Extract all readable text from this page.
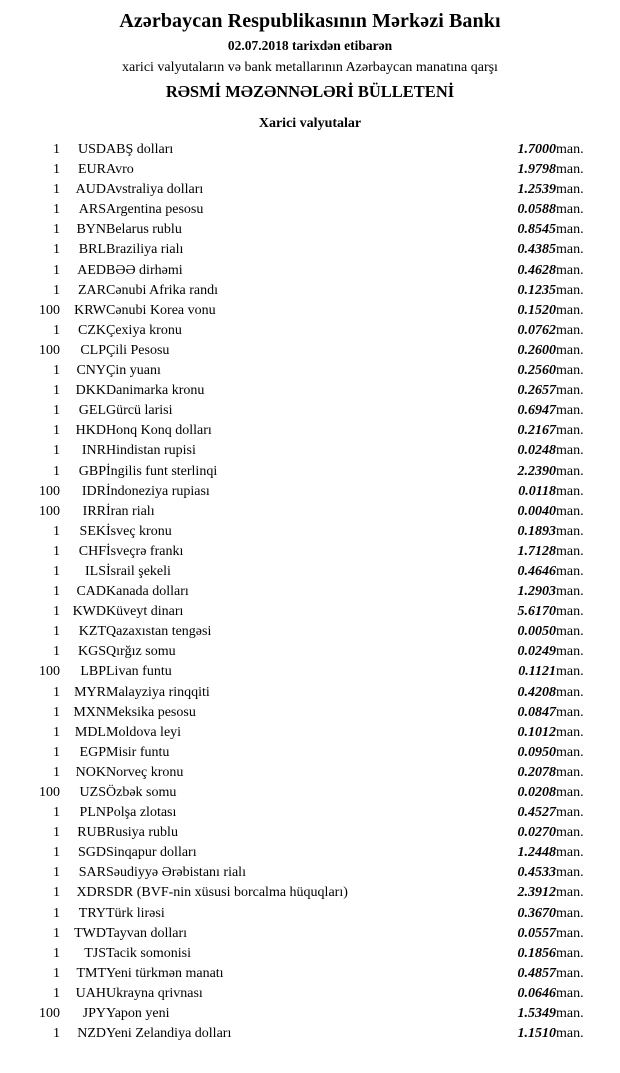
Azərbaycan Respublikasının Mərkəzi Bankı
02.07.2018 tarixdən etibarən
xarici valyutaların və bank metallarının Azərbaycan manatına qarşı
RƏSMİ MƏZƏNNƏLƏRİ BÜLLETENİ
Xarici valyutalar
1	USD	ABŞ dolları	1.7000	man.
1	EUR	Avro	1.9798	man.
1	AUD	Avstraliya dolları	1.2539	man.
1	ARS	Argentina pesosu	0.0588	man.
1	BYN	Belarus rublu	0.8545	man.
1	BRL	Braziliya rialı	0.4385	man.
1	AED	BƏƏ dirhəmi	0.4628	man.
1	ZAR	Cənubi Afrika randı	0.1235	man.
100	KRW	Cənubi Korea vonu	0.1520	man.
1	CZK	Çexiya kronu	0.0762	man.
100	CLP	Çili Pesosu	0.2600	man.
1	CNY	Çin yuanı	0.2560	man.
1	DKK	Danimarka kronu	0.2657	man.
1	GEL	Gürcü larisi	0.6947	man.
1	HKD	Honq Konq dolları	0.2167	man.
1	INR	Hindistan rupisi	0.0248	man.
1	GBP	İngilis funt sterlinqi	2.2390	man.
100	IDR	İndoneziya rupiası	0.0118	man.
100	IRR	İran rialı	0.0040	man.
1	SEK	İsveç kronu	0.1893	man.
1	CHF	İsveçrə frankı	1.7128	man.
1	ILS	İsrail şekeli	0.4646	man.
1	CAD	Kanada dolları	1.2903	man.
1	KWD	Küveyt dinarı	5.6170	man.
1	KZT	Qazaxıstan tengəsi	0.0050	man.
1	KGS	Qırğız somu	0.0249	man.
100	LBP	Livan funtu	0.1121	man.
1	MYR	Malayziya rinqqiti	0.4208	man.
1	MXN	Meksika pesosu	0.0847	man.
1	MDL	Moldova leyi	0.1012	man.
1	EGP	Misir funtu	0.0950	man.
1	NOK	Norveç kronu	0.2078	man.
100	UZS	Özbək somu	0.0208	man.
1	PLN	Polşa zlotası	0.4527	man.
1	RUB	Rusiya rublu	0.0270	man.
1	SGD	Sinqapur dolları	1.2448	man.
1	SAR	Səudiyyə Ərəbistanı rialı	0.4533	man.
1	XDR	SDR (BVF-nin xüsusi borcalma hüquqları)	2.3912	man.
1	TRY	Türk lirəsi	0.3670	man.
1	TWD	Tayvan dolları	0.0557	man.
1	TJS	Tacik somonisi	0.1856	man.
1	TMT	Yeni türkmən manatı	0.4857	man.
1	UAH	Ukrayna qrivnası	0.0646	man.
100	JPY	Yapon yeni	1.5349	man.
1	NZD	Yeni Zelandiya dolları	1.1510	man.
